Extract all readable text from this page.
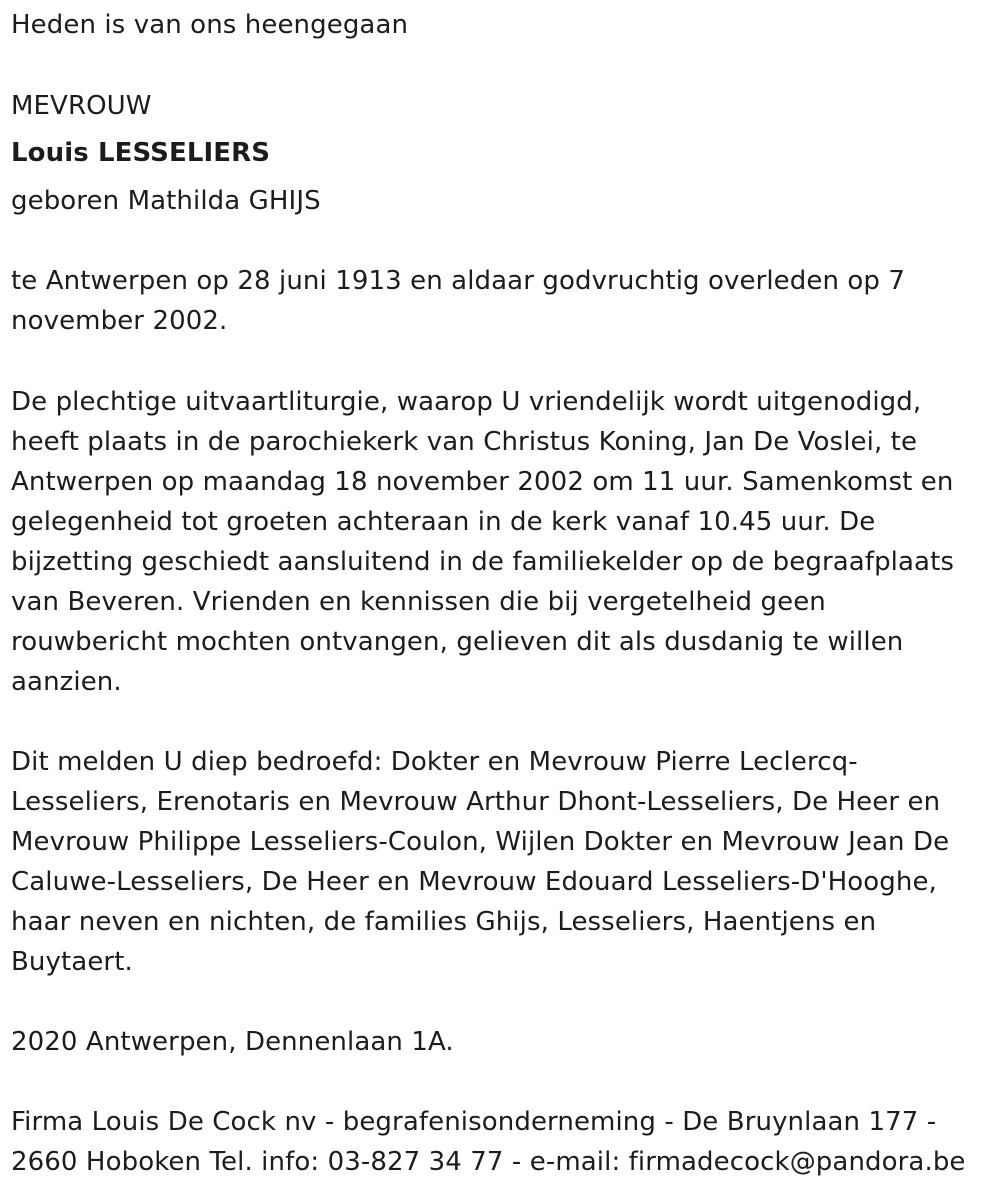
Heden is van ons heengegaan
MEVROUW
Louis LESSELIERS
geboren Mathilda GHIJS
te Antwerpen op 28 juni 1913 en aldaar godvruchtig overleden op 7 november 2002.
De plechtige uitvaartliturgie, waarop U vriendelijk wordt uitgenodigd, heeft plaats in de parochiekerk van Christus Koning, Jan De Voslei, te Antwerpen op maandag 18 november 2002 om 11 uur. Samenkomst en gelegenheid tot groeten achteraan in de kerk vanaf 10.45 uur. De bijzetting geschiedt aansluitend in de familiekelder op de begraafplaats van Beveren. Vrienden en kennissen die bij vergetelheid geen rouwbericht mochten ontvangen, gelieven dit als dusdanig te willen aanzien.
Dit melden U diep bedroefd: Dokter en Mevrouw Pierre Leclercq-Lesseliers, Erenotaris en Mevrouw Arthur Dhont-Lesseliers, De Heer en Mevrouw Philippe Lesseliers-Coulon, Wijlen Dokter en Mevrouw Jean De Caluwe-Lesseliers, De Heer en Mevrouw Edouard Lesseliers-D'Hooghe, haar neven en nichten, de families Ghijs, Lesseliers, Haentjens en Buytaert.
2020 Antwerpen, Dennenlaan 1A.
Firma Louis De Cock nv - begrafenisonderneming - De Bruynlaan 177 - 2660 Hoboken Tel. info: 03-827 34 77 - e-mail: firmadecock@pandora.be
